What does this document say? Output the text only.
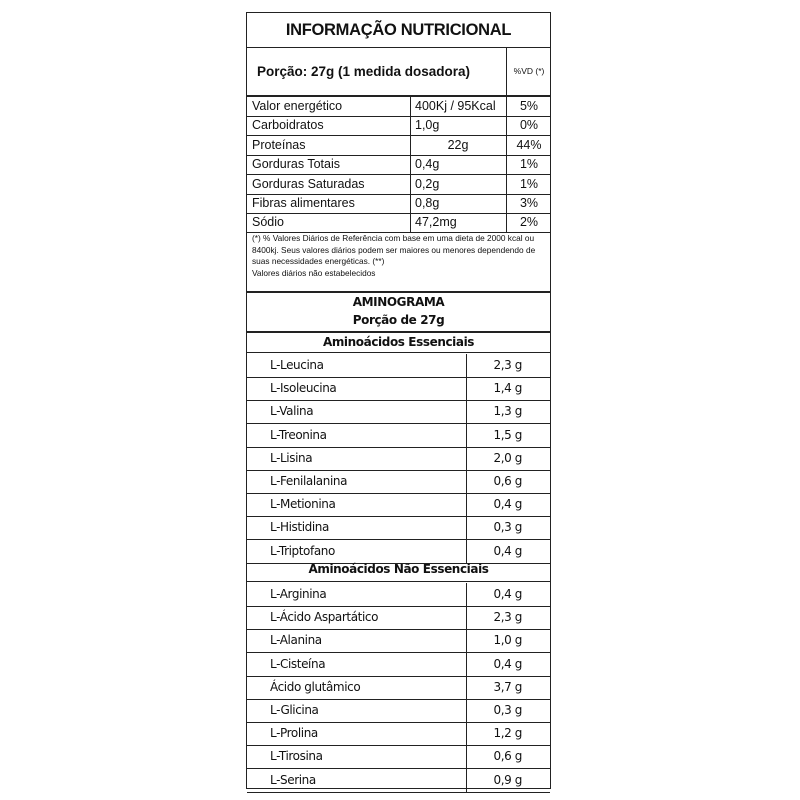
INFORMAÇÃO NUTRICIONAL
Porção: 27g (1 medida dosadora)	%VD (*)
Valor energético	400Kj / 95Kcal	5%
Carboidratos	1,0g	0%
Proteínas	22g	44%
Gorduras Totais	0,4g	1%
Gorduras Saturadas	0,2g	1%
Fibras alimentares	0,8g	3%
Sódio	47,2mg	2%

(*) % Valores Diários de Referência com base em uma dieta de 2000 kcal ou 8400kj. Seus valores diários podem ser maiores ou menores dependendo de suas necessidades energéticas. (**)

Valores diários não estabelecidos

AMINOGRAMA
Porção de 27g
Aminoácidos Essenciais
L-Leucina	2,3 g
L-Isoleucina	1,4 g
L-Valina	1,3 g
L-Treonina	1,5 g
L-Lisina	2,0 g
L-Fenilalanina	0,6 g
L-Metionina	0,4 g
L-Histidina	0,3 g
L-Triptofano	0,4 g
Aminoácidos Não Essenciais
L-Arginina	0,4 g
L-Ácido Aspartático	2,3 g
L-Alanina	1,0 g
L-Cisteína	0,4 g
Ácido glutâmico	3,7 g
L-Glicina	0,3 g
L-Prolina	1,2 g
L-Tirosina	0,6 g
L-Serina	0,9 g
